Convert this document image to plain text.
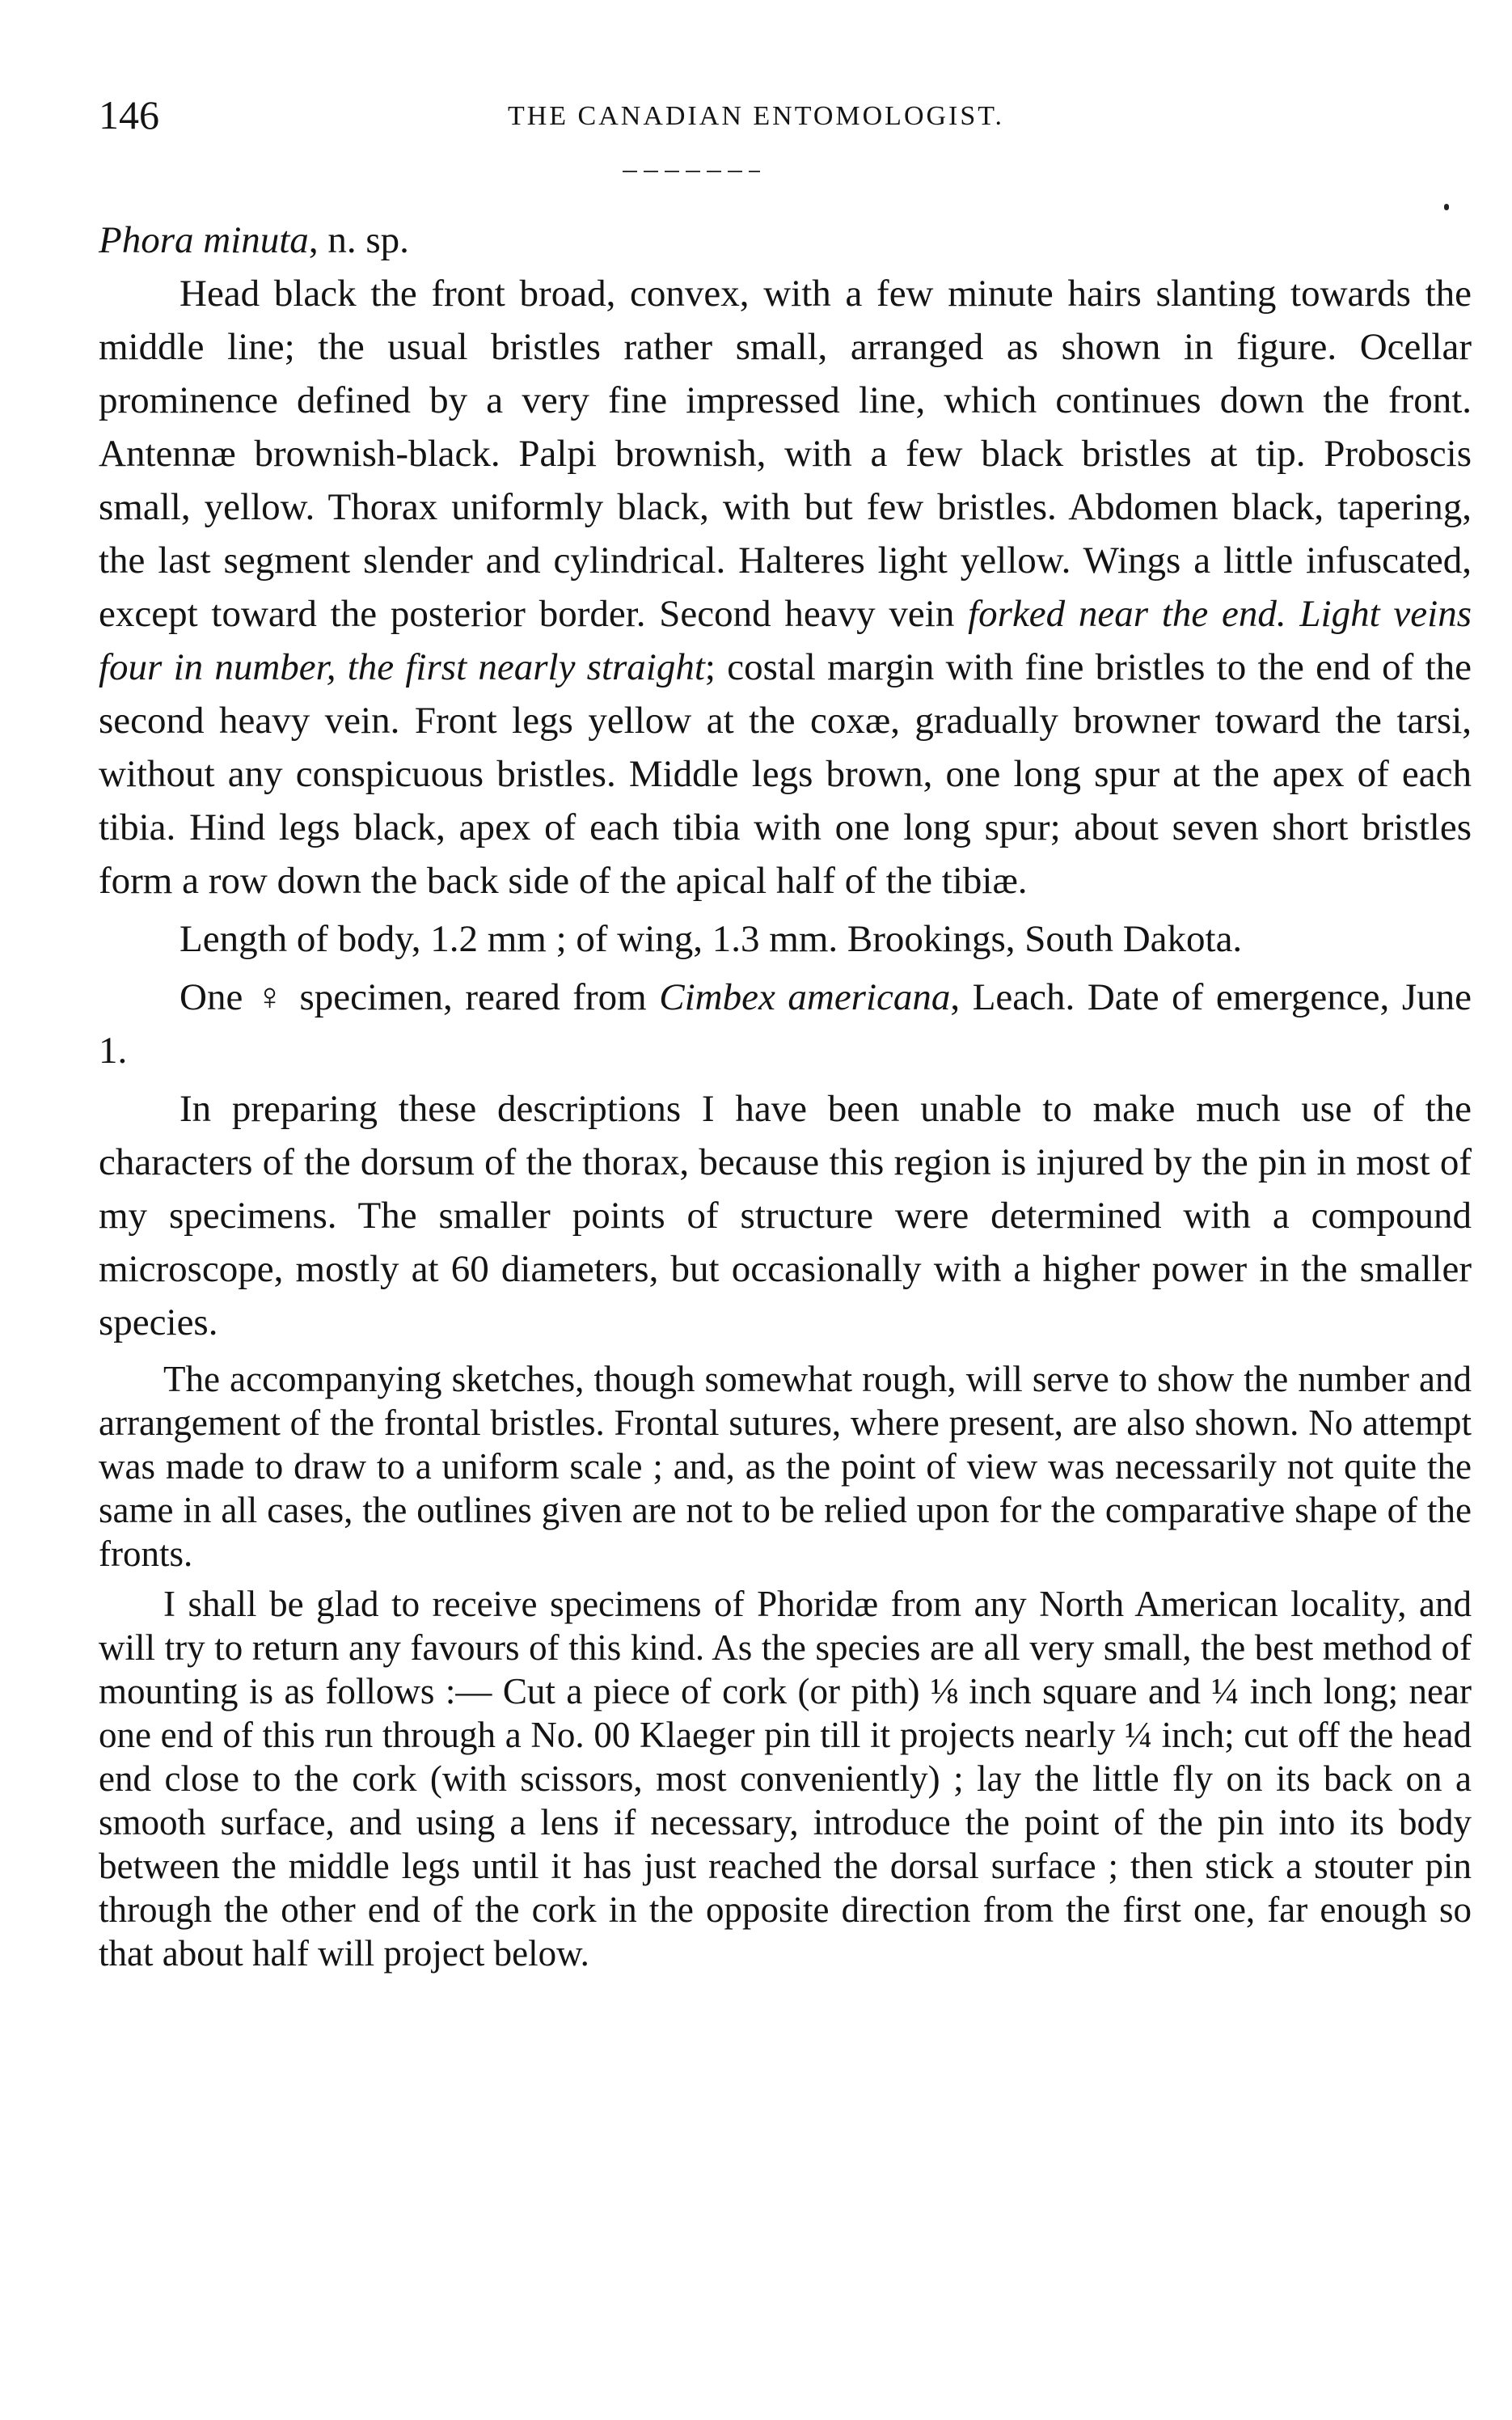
146	THE CANADIAN ENTOMOLOGIST.
Phora minuta, n. sp.

Head black the front broad, convex, with a few minute hairs slanting towards the middle line; the usual bristles rather small, arranged as shown in figure. Ocellar prominence defined by a very fine impressed line, which continues down the front. Antennæ brownish-black. Palpi brownish, with a few black bristles at tip. Proboscis small, yellow. Thorax uniformly black, with but few bristles. Abdomen black, tapering, the last segment slender and cylindrical. Halteres light yellow. Wings a little infuscated, except toward the posterior border. Second heavy vein forked near the end. Light veins four in number, the first nearly straight; costal margin with fine bristles to the end of the second heavy vein. Front legs yellow at the coxæ, gradually browner toward the tarsi, without any conspicuous bristles. Middle legs brown, one long spur at the apex of each tibia. Hind legs black, apex of each tibia with one long spur; about seven short bristles form a row down the back side of the apical half of the tibiæ.

Length of body, 1.2 mm ; of wing, 1.3 mm. Brookings, South Dakota.

One ♀ specimen, reared from Cimbex americana, Leach. Date of emergence, June 1.

In preparing these descriptions I have been unable to make much use of the characters of the dorsum of the thorax, because this region is injured by the pin in most of my specimens. The smaller points of structure were determined with a compound microscope, mostly at 60 diameters, but occasionally with a higher power in the smaller species.

The accompanying sketches, though somewhat rough, will serve to show the number and arrangement of the frontal bristles. Frontal sutures, where present, are also shown. No attempt was made to draw to a uniform scale ; and, as the point of view was necessarily not quite the same in all cases, the outlines given are not to be relied upon for the comparative shape of the fronts.

I shall be glad to receive specimens of Phoridæ from any North American locality, and will try to return any favours of this kind. As the species are all very small, the best method of mounting is as follows :— Cut a piece of cork (or pith) ⅛ inch square and ¼ inch long; near one end of this run through a No. 00 Klaeger pin till it projects nearly ¼ inch; cut off the head end close to the cork (with scissors, most conveniently) ; lay the little fly on its back on a smooth surface, and using a lens if necessary, introduce the point of the pin into its body between the middle legs until it has just reached the dorsal surface ; then stick a stouter pin through the other end of the cork in the opposite direction from the first one, far enough so that about half will project below.
